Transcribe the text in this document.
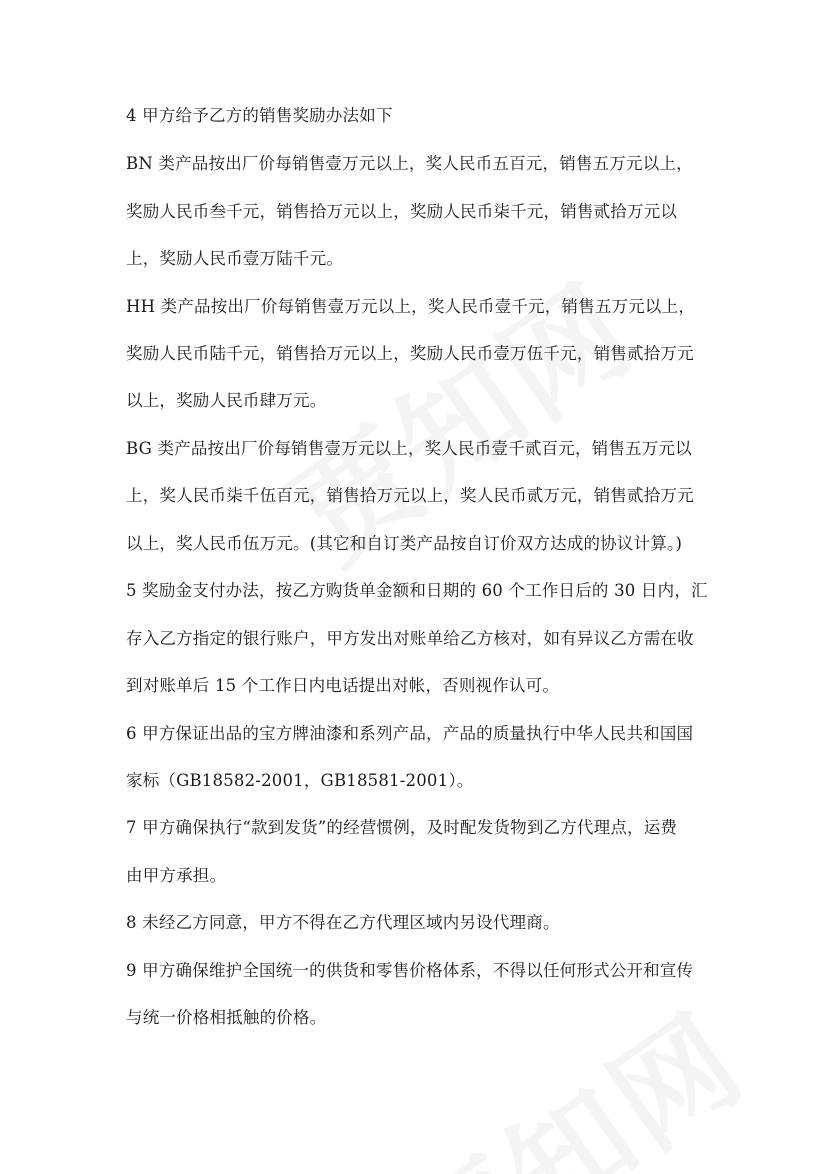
4 甲方给予乙方的销售奖励办法如下
BN 类产品按出厂价每销售壹万元以上，奖人民币五百元，销售五万元以上，
奖励人民币叁千元，销售拾万元以上，奖励人民币柒千元，销售贰拾万元以
上，奖励人民币壹万陆千元。
HH 类产品按出厂价每销售壹万元以上，奖人民币壹千元，销售五万元以上，
奖励人民币陆千元，销售拾万元以上，奖励人民币壹万伍千元，销售贰拾万元
以上，奖励人民币肆万元。
BG 类产品按出厂价每销售壹万元以上，奖人民币壹千贰百元，销售五万元以
上，奖人民币柒千伍百元，销售拾万元以上，奖人民币贰万元，销售贰拾万元
以上，奖人民币伍万元。(其它和自订类产品按自订价双方达成的协议计算。)
5 奖励金支付办法，按乙方购货单金额和日期的 60 个工作日后的 30 日内，汇
存入乙方指定的银行账户，甲方发出对账单给乙方核对，如有异议乙方需在收
到对账单后 15 个工作日内电话提出对帐，否则视作认可。
6 甲方保证出品的宝方牌油漆和系列产品，产品的质量执行中华人民共和国国
家标（GB18582-2001，GB18581-2001）。
7 甲方确保执行“款到发货”的经营惯例，及时配发货物到乙方代理点，运费
由甲方承担。
8 未经乙方同意，甲方不得在乙方代理区域内另设代理商。
9 甲方确保维护全国统一的供货和零售价格体系，不得以任何形式公开和宣传
与统一价格相抵触的价格。
